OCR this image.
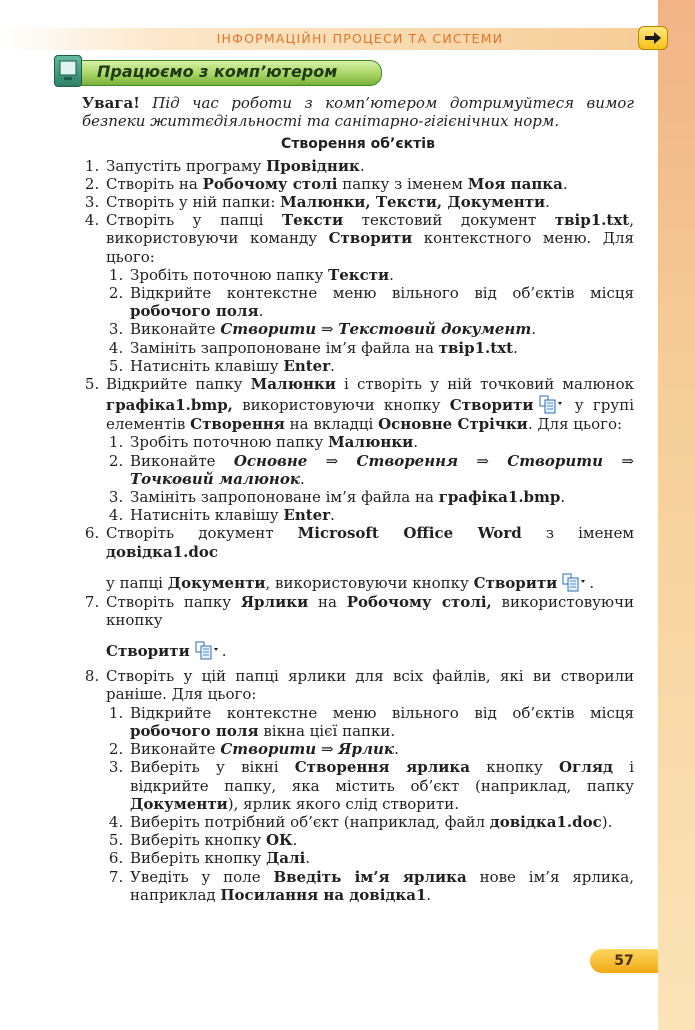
ІНФОРМАЦІЙНІ ПРОЦЕСИ ТА СИСТЕМИ
Працюємо з комп’ютером

Увага! Під час роботи з комп’ютером дотримуйтеся вимог безпеки життєдіяльності та санітарно-гігієнічних норм.

Створення об’єктів
1. Запустіть програму Провідник.
2. Створіть на Робочому столі папку з іменем Моя папка.
3. Створіть у ній папки: Малюнки, Тексти, Документи.
4. Створіть у папці Тексти текстовий документ твір1.txt, використовуючи команду Створити контекстного меню. Для цього:
1. Зробіть поточною папку Тексти.
2. Відкрийте контекстне меню вільного від об’єктів місця робочого поля.
3. Виконайте Створити ⇒ Текстовий документ.
4. Замініть запропоноване ім’я файла на твір1.txt.
5. Натисніть клавішу Enter.
5. Відкрийте папку Малюнки і створіть у ній точковий малюнок графіка1.bmp, використовуючи кнопку Створити	у групі елементів Створення на вкладці Основне Стрічки. Для цього:
1. Зробіть поточною папку Малюнки.
2. Виконайте Основне ⇒ Створення ⇒ Створити ⇒ Точковий малюнок.
3. Замініть запропоноване ім’я файла на графіка1.bmp.
4. Натисніть клавішу Enter.
6. Створіть документ Microsoft Office Word з іменем довідка1.doc
у папці Документи, використовуючи кнопку Створити .
7. Створіть папку Ярлики на Робочому столі, використовуючи кнопку
Створити .
8. Створіть у цій папці ярлики для всіх файлів, які ви створили раніше. Для цього:
1. Відкрийте контекстне меню вільного від об’єктів місця робочого поля вікна цієї папки.
2. Виконайте Створити ⇒ Ярлик.
3. Виберіть у вікні Створення ярлика кнопку Огляд і відкрийте папку, яка містить об’єкт (наприклад, папку Документи), ярлик якого слід створити.
4. Виберіть потрібний об’єкт (наприклад, файл довідка1.doc).
5. Виберіть кнопку ОК.
6. Виберіть кнопку Далі.
7. Уведіть у поле Введіть ім’я ярлика нове ім’я ярлика, наприклад Посилання на довідка1.
57
